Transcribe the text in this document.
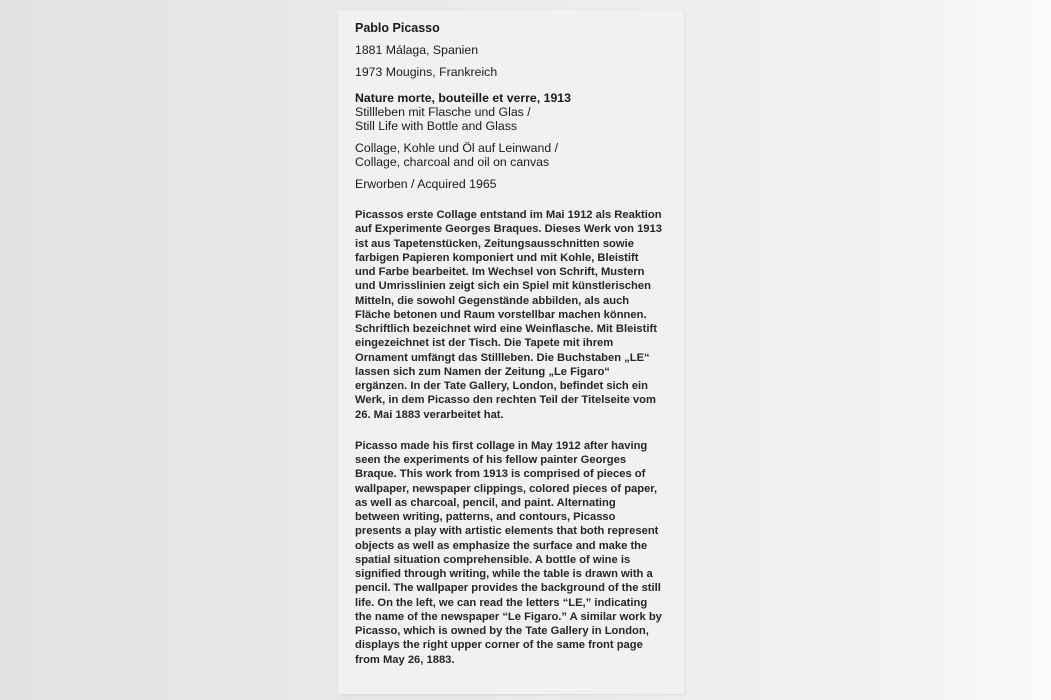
Pablo Picasso
1881 Málaga, Spanien
1973 Mougins, Frankreich
Nature morte, bouteille et verre, 1913
Stillleben mit Flasche und Glas /
Still Life with Bottle and Glass
Collage, Kohle und Öl auf Leinwand /
Collage, charcoal and oil on canvas
Erworben / Acquired 1965
Picassos erste Collage entstand im Mai 1912 als Reaktion
auf Experimente Georges Braques. Dieses Werk von 1913
ist aus Tapetenstücken, Zeitungsausschnitten sowie
farbigen Papieren komponiert und mit Kohle, Bleistift
und Farbe bearbeitet. Im Wechsel von Schrift, Mustern
und Umrisslinien zeigt sich ein Spiel mit künstlerischen
Mitteln, die sowohl Gegenstände abbilden, als auch
Fläche betonen und Raum vorstellbar machen können.
Schriftlich bezeichnet wird eine Weinflasche. Mit Bleistift
eingezeichnet ist der Tisch. Die Tapete mit ihrem
Ornament umfängt das Stillleben. Die Buchstaben „LE“
lassen sich zum Namen der Zeitung „Le Figaro“
ergänzen. In der Tate Gallery, London, befindet sich ein
Werk, in dem Picasso den rechten Teil der Titelseite vom
26. Mai 1883 verarbeitet hat.
Picasso made his first collage in May 1912 after having
seen the experiments of his fellow painter Georges
Braque. This work from 1913 is comprised of pieces of
wallpaper, newspaper clippings, colored pieces of paper,
as well as charcoal, pencil, and paint. Alternating
between writing, patterns, and contours, Picasso
presents a play with artistic elements that both represent
objects as well as emphasize the surface and make the
spatial situation comprehensible. A bottle of wine is
signified through writing, while the table is drawn with a
pencil. The wallpaper provides the background of the still
life. On the left, we can read the letters “LE,” indicating
the name of the newspaper “Le Figaro.” A similar work by
Picasso, which is owned by the Tate Gallery in London,
displays the right upper corner of the same front page
from May 26, 1883.
